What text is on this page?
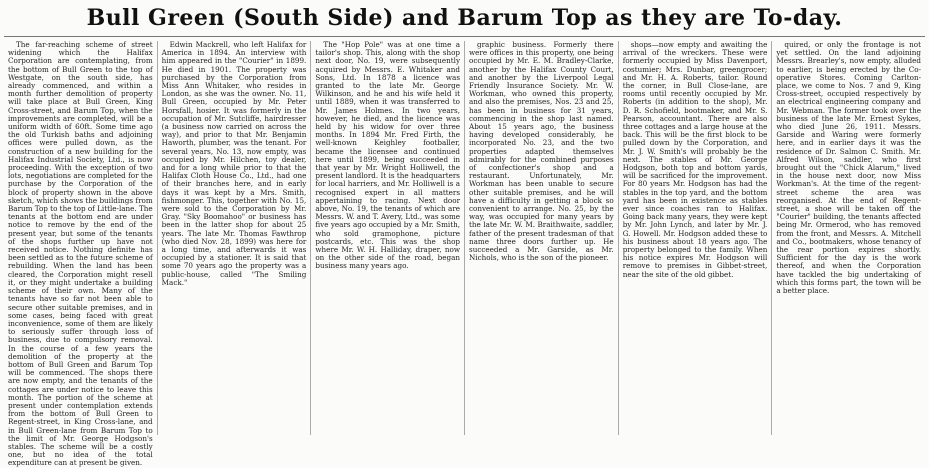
Bull Green (South Side) and Barum Top as they are To-day.

The far-reaching scheme of street widening which the Halifax Corporation are contemplating, from the bottom of Bull Green to the top of Westgate, on the south side, has already commenced, and within a month further demolition of property will take place at Bull Green, King Cross-street, and Barum Top, when the improvements are completed, will be a uniform width of 60ft. Some time ago the old Turkish baths and adjoining offices were pulled down, as the construction of a new building for the Halifax Industrial Society, Ltd., is now proceeding. With the exception of two lots, negotiations are completed for the purchase by the Corporation of the block of property shown in the above sketch, which shows the buildings from Barum Top to the top of Little-lane. The tenants at the bottom end are under notice to remove by the end of the present year, but some of the tenants of the shops further up have not received notice. Nothing definite has been settled as to the future scheme of rebuilding. When the land has been cleared, the Corporation might resell it, or they might undertake a building scheme of their own. Many of the tenants have so far not been able to secure other suitable premises, and in some cases, being faced with great inconvenience, some of them are likely to seriously suffer through loss of business, due to compulsory removal. In the course of a few years the demolition of the property at the bottom of Bull Green and Barum Top will be commenced. The shops there are now empty, and the tenants of the cottages are under notice to leave this month. The portion of the scheme at present under contemplation extends from the bottom of Bull Green to Regent-street, in King Cross-lane, and in Bull Green-lane from Barum Top to the limit of Mr. George Hodgson's stables. The scheme will be a costly one, but no idea of the total expenditure can at present be given.

Edwin Mackrell, who left Halifax for America in 1894. An interview with him appeared in the "Courier" in 1899. He died in 1901. The property was purchased by the Corporation from Miss Ann Whitaker, who resides in London, as she was the owner. No. 11, Bull Green, occupied by Mr. Peter Horsfall, hosier. It was formerly in the occupation of Mr. Sutcliffe, hairdresser (a business now carried on across the way), and prior to that Mr. Benjamin Haworth, plumber, was the tenant. For several years, No. 13, now empty, was occupied by Mr. Hilchen, toy dealer, and for a long while prior to that the Halifax Cloth House Co., Ltd., had one of their branches here, and in early days it was kept by a Mrs. Smith, fishmonger. This, together with No. 15, were sold to the Corporation by Mr. Gray. "Sky Boomahoo" or business has been in the latter shop for about 25 years. The late Mr. Thomas Fawthrop (who died Nov. 28, 1899) was here for a long time, and afterwards it was occupied by a stationer. It is said that some 70 years ago the property was a public-house, called "The Smiling Mack."

The "Hop Pole" was at one time a tailor's shop. This, along with the shop next door, No. 19, were subsequently acquired by Messrs. E. Whitaker and Sons, Ltd. In 1878 a licence was granted to the late Mr. George Wilkinson, and he and his wife held it until 1889, when it was transferred to Mr. James Holmes. In two years, however, he died, and the licence was held by his widow for over three months. In 1894 Mr. Fred Firth, the well-known Keighley footballer, became the licensee and continued here until 1899, being succeeded in that year by Mr. Wright Holliwell, the present landlord. It is the headquarters for local harriers, and Mr. Holliwell is a recognised expert in all matters appertaining to racing. Next door above, No. 19, the tenants of which are Messrs. W. and T. Avery, Ltd., was some five years ago occupied by a Mr. Smith, who sold gramophone, picture postcards, etc. This was the shop where Mr. W. H. Halliday, draper, now on the other side of the road, began business many years ago.

graphic business. Formerly there were offices in this property, one being occupied by Mr. E. M. Bradley-Clarke, another by the Halifax County Court, and another by the Liverpool Legal Friendly Insurance Society. Mr. W. Workman, who owned this property, and also the premises, Nos. 23 and 25, has been in business for 31 years, commencing in the shop last named. About 15 years ago, the business having developed considerably, he incorporated No. 23, and the two properties adapted themselves admirably for the combined purposes of confectioner's shop and a restaurant. Unfortunately, Mr. Workman has been unable to secure other suitable premises, and he will have a difficulty in getting a block so convenient to arrange. No. 25, by the way, was occupied for many years by the late Mr. W. M. Braithwaite, saddler, father of the present tradesman of that name three doors further up. He succeeded a Mr. Garside, as Mr. Nichols, who is the son of the pioneer.

shops—now empty and awaiting the arrival of the wreckers. These were formerly occupied by Miss Davenport, costumier; Mrs. Dunbar, greengrocer; and Mr. H. A. Roberts, tailor. Round the corner, in Bull Close-lane, are rooms until recently occupied by Mr. Roberts (in addition to the shop), Mr. D. R. Schofield, bootmaker, and Mr. S. Pearson, accountant. There are also three cottages and a large house at the back. This will be the first block to be pulled down by the Corporation, and Mr. J. W. Smith's will probably be the next. The stables of Mr. George Hodgson, both top and bottom yards, will be sacrificed for the improvement. For 80 years Mr. Hodgson has had the stables in the top yard, and the bottom yard has been in existence as stables ever since coaches ran to Halifax. Going back many years, they were kept by Mr. John Lynch, and later by Mr. J. G. Howell. Mr. Hodgson added these to his business about 18 years ago. The property belonged to the family. When his notice expires Mr. Hodgson will remove to premises in Gibbet-street, near the site of the old gibbet.

quired, or only the frontage is not yet settled. On the land adjoining Messrs. Brearley's, now empty, alluded to earlier, is being erected by the Co-operative Stores. Coming Carlton-place, we come to Nos. 7 and 9, King Cross-street, occupied respectively by an electrical engineering company and Mr. Webman. The former took over the business of the late Mr. Ernest Sykes, who died June 26, 1911. Messrs. Garside and Waring were formerly here, and in earlier days it was the residence of Dr. Salmon C. Smith. Mr. Alfred Wilson, saddler, who first brought out the "Chick Alarum," lived in the house next door, now Miss Workman's. At the time of the regent-street scheme the area was reorganised. At the end of Regent-street, a shoe will be taken off the "Courier" building, the tenants affected being Mr. Ormerod, who has removed from the front, and Messrs. A. Mitchell and Co., bootmakers, whose tenancy of the rear portion expires shortly. Sufficient for the day is the work thereof, and when the Corporation have tackled the big undertaking of which this forms part, the town will be a better place.
